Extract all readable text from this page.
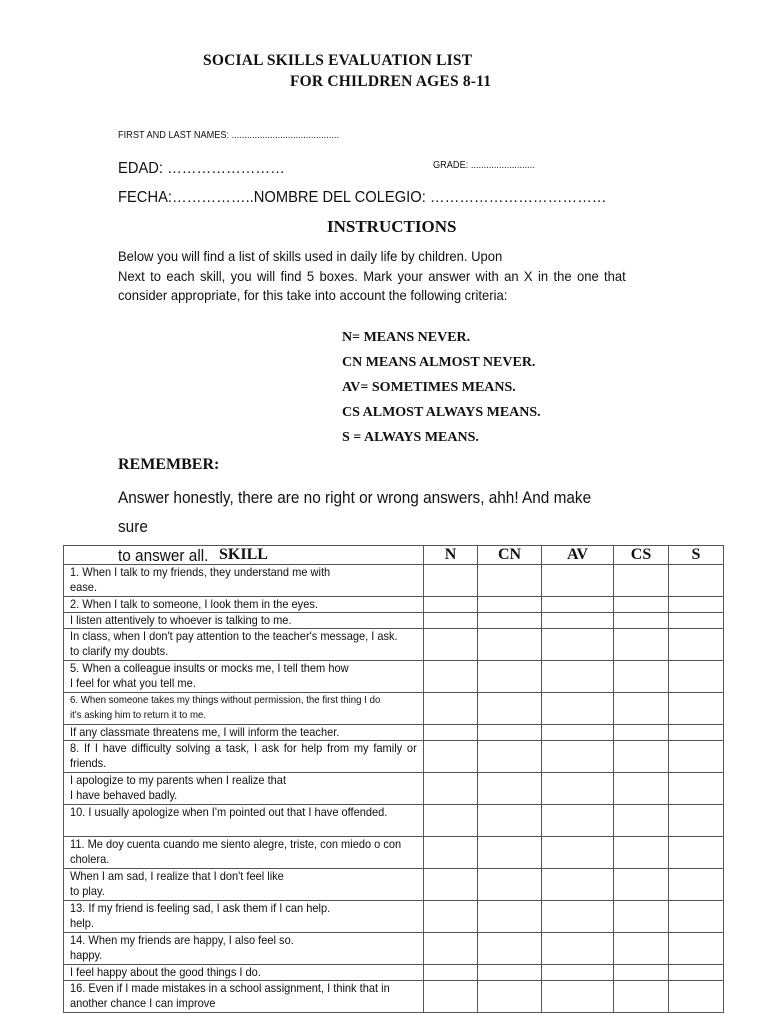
SOCIAL SKILLS EVALUATION LIST
FOR CHILDREN AGES 8-11
FIRST AND LAST NAMES: ..........................................
EDAD: ……………………	GRADE: .........................
FECHA:……………..NOMBRE DEL COLEGIO: ………………………………
INSTRUCTIONS

Below you will find a list of skills used in daily life by children. Upon

Next to each skill, you will find 5 boxes. Mark your answer with an X in the one that consider appropriate, for this take into account the following criteria:

N= MEANS NEVER.
CN MEANS ALMOST NEVER.
AV= SOMETIMES MEANS.
CS ALMOST ALWAYS MEANS.
S = ALWAYS MEANS.
REMEMBER:
Answer honestly, there are no right or wrong answers, ahh! And make sure
to answer all. SKILL	N	CN	AV	CS	S

1. When I talk to my friends, they understand me with
ease.					

2. When I talk to someone, I look them in the eyes.					

I listen attentively to whoever is talking to me.					

In class, when I don't pay attention to the teacher's message, I ask.
to clarify my doubts.					

5. When a colleague insults or mocks me, I tell them how
I feel for what you tell me.					

6. When someone takes my things without permission, the first thing I do
it's asking him to return it to me.					

If any classmate threatens me, I will inform the teacher.					

8. If I have difficulty solving a task, I ask for help from my family or friends.					

I apologize to my parents when I realize that
I have behaved badly.					

10. I usually apologize when I'm pointed out that I have offended.					

11. Me doy cuenta cuando me siento alegre, triste, con miedo o con cholera.					

When I am sad, I realize that I don't feel like
to play.					

13. If my friend is feeling sad, I ask them if I can help.
help.					

14. When my friends are happy, I also feel so.
happy.					

I feel happy about the good things I do.					

16. Even if I made mistakes in a school assignment, I think that in another chance I can improve					
